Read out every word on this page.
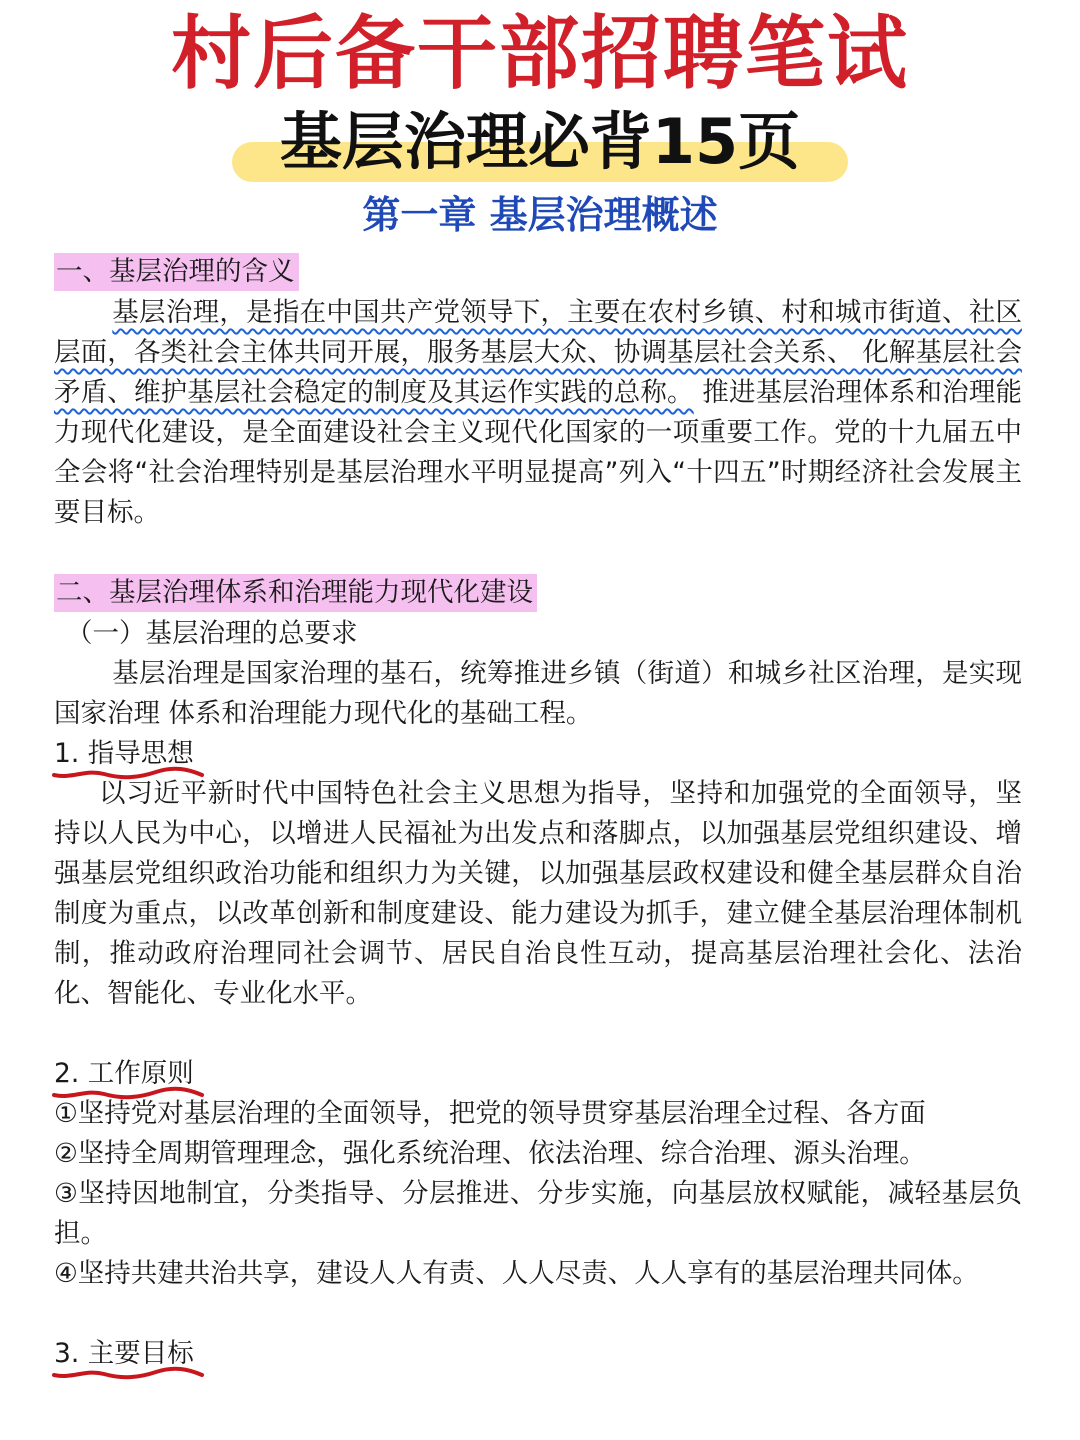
村后备干部招聘笔试
基层治理必背15页
第一章 基层治理概述
一、基层治理的含义

基层治理，是指在中国共产党领导下，主要在农村乡镇、村和城市街道、社区层面，各类社会主体共同开展，服务基层大众、协调基层社会关系、 化解基层社会矛盾、维护基层社会稳定的制度及其运作实践的总称。 推进基层治理体系和治理能力现代化建设，是全面建设社会主义现代化国家的一项重要工作。党的十九届五中全会将“社会治理特别是基层治理水平明显提高”列入“十四五”时期经济社会发展主要目标。

二、基层治理体系和治理能力现代化建设

（一）基层治理的总要求

基层治理是国家治理的基石，统筹推进乡镇（街道）和城乡社区治理，是实现国家治理 体系和治理能力现代化的基础工程。

1. 指导思想

以习近平新时代中国特色社会主义思想为指导，坚持和加强党的全面领导，坚持以人民为中心，以增进人民福祉为出发点和落脚点，以加强基层党组织建设、增强基层党组织政治功能和组织力为关键，以加强基层政权建设和健全基层群众自治制度为重点，以改革创新和制度建设、能力建设为抓手，建立健全基层治理体制机制，推动政府治理同社会调节、居民自治良性互动，提高基层治理社会化、法治化、智能化、专业化水平。

2. 工作原则

①坚持党对基层治理的全面领导，把党的领导贯穿基层治理全过程、各方面

②坚持全周期管理理念，强化系统治理、依法治理、综合治理、源头治理。

③坚持因地制宜，分类指导、分层推进、分步实施，向基层放权赋能，减轻基层负担。

④坚持共建共治共享，建设人人有责、人人尽责、人人享有的基层治理共同体。

3. 主要目标
